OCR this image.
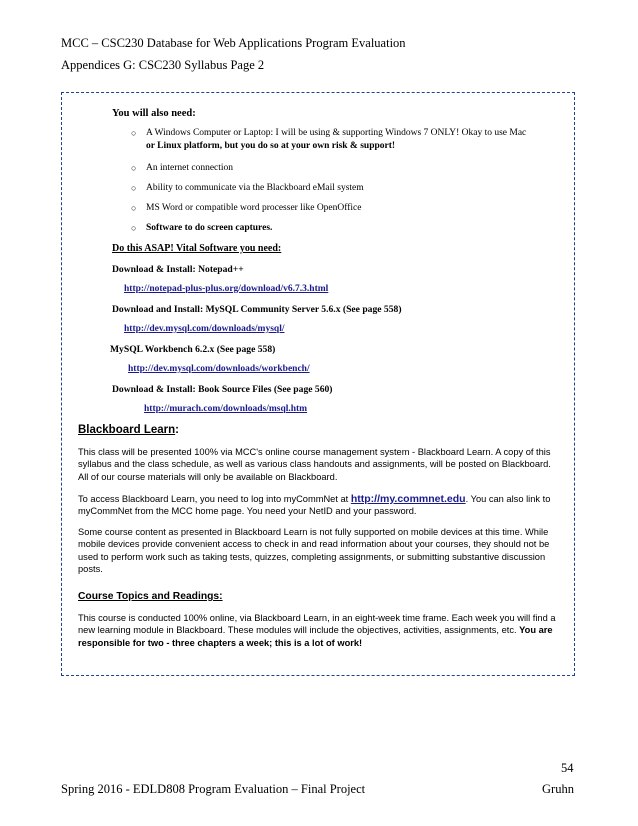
MCC – CSC230 Database for Web Applications Program Evaluation
Appendices G: CSC230 Syllabus Page 2
You will also need:
○ A Windows Computer or Laptop: I will be using & supporting Windows 7 ONLY! Okay to use Mac
or Linux platform, but you do so at your own risk & support!
○ An internet connection
○ Ability to communicate via the Blackboard eMail system
○ MS Word or compatible word processer like OpenOffice
○ Software to do screen captures.
Do this ASAP! Vital Software you need:
Download & Install: Notepad++
http://notepad-plus-plus.org/download/v6.7.3.html
Download and Install: MySQL Community Server 5.6.x (See page 558)
http://dev.mysql.com/downloads/mysql/
MySQL Workbench 6.2.x (See page 558)
http://dev.mysql.com/downloads/workbench/
Download & Install: Book Source Files (See page 560)
http://murach.com/downloads/msql.htm
Blackboard Learn:
This class will be presented 100% via MCC's online course management system - Blackboard Learn. A copy of this syllabus and the class schedule, as well as various class handouts and assignments, will be posted on Blackboard. All of our course materials will only be available on Blackboard.
To access Blackboard Learn, you need to log into myCommNet at http://my.commnet.edu. You can also link to myCommNet from the MCC home page. You need your NetID and your password.
Some course content as presented in Blackboard Learn is not fully supported on mobile devices at this time. While mobile devices provide convenient access to check in and read information about your courses, they should not be used to perform work such as taking tests, quizzes, completing assignments, or submitting substantive discussion posts.
Course Topics and Readings:
This course is conducted 100% online, via Blackboard Learn, in an eight-week time frame. Each week you will find a new learning module in Blackboard. These modules will include the objectives, activities, assignments, etc. You are responsible for two - three chapters a week; this is a lot of work!
54
Spring 2016 - EDLD808 Program Evaluation – Final Project	Gruhn
